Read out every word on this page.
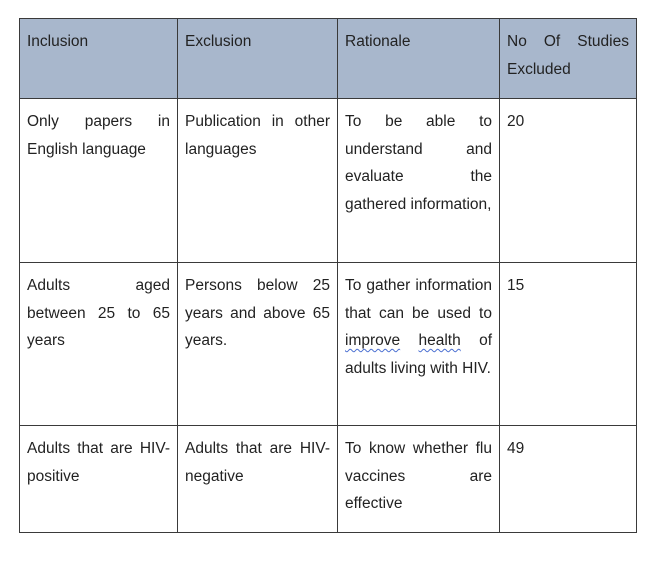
Inclusion	Exclusion	Rationale	No Of Studies Excluded
Only papers in English language	Publication in other languages	To be able to understand and evaluate the gathered information,	20
Adults aged between 25 to 65 years	Persons below 25 years and above 65 years.	To gather information that can be used to improve health of adults living with HIV.	15
Adults that are HIV-positive	Adults that are HIV-negative	To know whether flu vaccines are effective	49
